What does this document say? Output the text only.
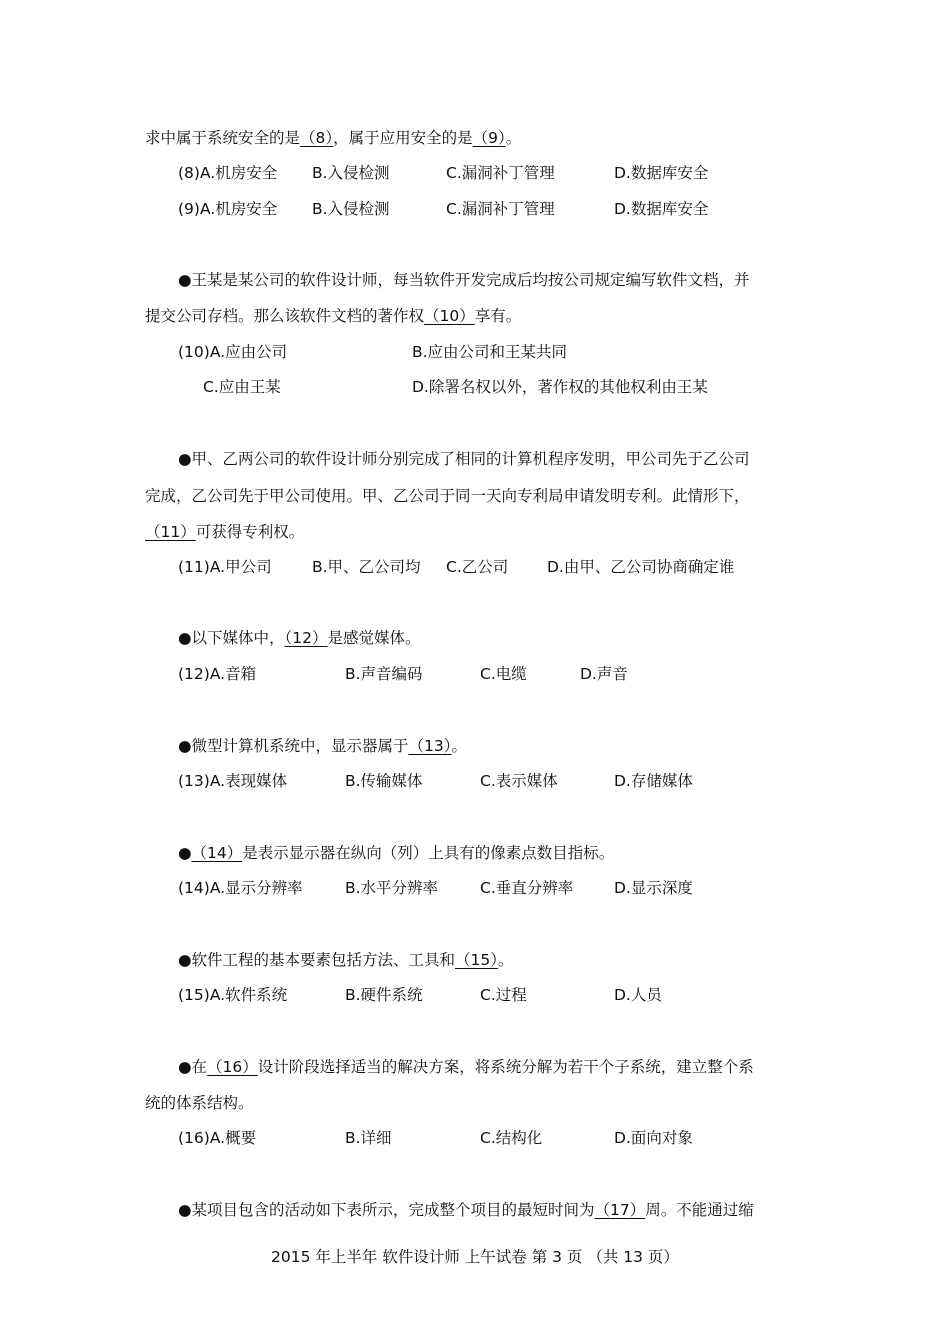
求中属于系统安全的是（8），属于应用安全的是（9）。
(8)A.机房安全 B.入侵检测	C.漏洞补丁管理	D.数据库安全
(9)A.机房安全 B.入侵检测	C.漏洞补丁管理	D.数据库安全
●王某是某公司的软件设计师，每当软件开发完成后均按公司规定编写软件文档，并
提交公司存档。那么该软件文档的著作权（10）享有。
(10)A.应由公司	B.应由公司和王某共同
C.应由王某	D.除署名权以外，著作权的其他权利由王某
●甲、乙两公司的软件设计师分别完成了相同的计算机程序发明，甲公司先于乙公司
完成，乙公司先于甲公司使用。甲、乙公司于同一天向专利局申请发明专利。此情形下，
（11）可获得专利权。
(11)A.甲公司	B.甲、乙公司均 C.乙公司	D.由甲、乙公司协商确定谁
●以下媒体中，（12）是感觉媒体。
(12)A.音箱	B.声音编码	C.电缆	D.声音
●微型计算机系统中，显示器属于（13）。
(13)A.表现媒体	B.传输媒体	C.表示媒体	D.存储媒体
●（14）是表示显示器在纵向（列）上具有的像素点数目指标。
(14)A.显示分辨率	B.水平分辨率	C.垂直分辨率	D.显示深度
●软件工程的基本要素包括方法、工具和（15）。
(15)A.软件系统	B.硬件系统	C.过程	D.人员
●在（16）设计阶段选择适当的解决方案，将系统分解为若干个子系统，建立整个系
统的体系结构。
(16)A.概要	B.详细	C.结构化	D.面向对象
●某项目包含的活动如下表所示，完成整个项目的最短时间为（17）周。不能通过缩
2015 年上半年 软件设计师 上午试卷 第 3 页 （共 13 页）
